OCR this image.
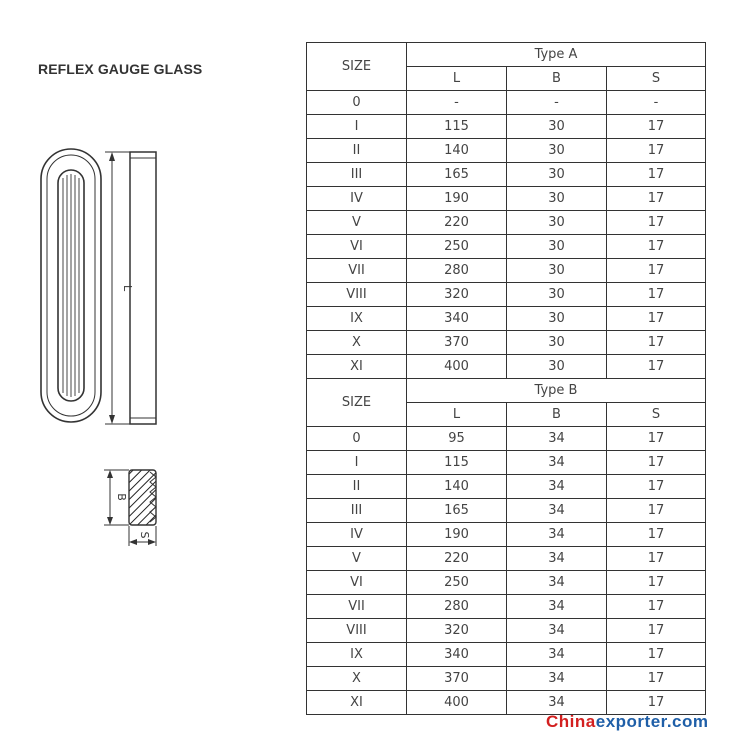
REFLEX GAUGE GLASS
L
B
S
SIZE	Type A		
	L	B	S
0	-	-	-
I	115	30	17
II	140	30	17
III	165	30	17
IV	190	30	17
V	220	30	17
VI	250	30	17
VII	280	30	17
VIII	320	30	17
IX	340	30	17
X	370	30	17
XI	400	30	17
SIZE	Type B		
	L	B	S
0	95	34	17
I	115	34	17
II	140	34	17
III	165	34	17
IV	190	34	17
V	220	34	17
VI	250	34	17
VII	280	34	17
VIII	320	34	17
IX	340	34	17
X	370	34	17
XI	400	34	17
Chinaexporter.com
